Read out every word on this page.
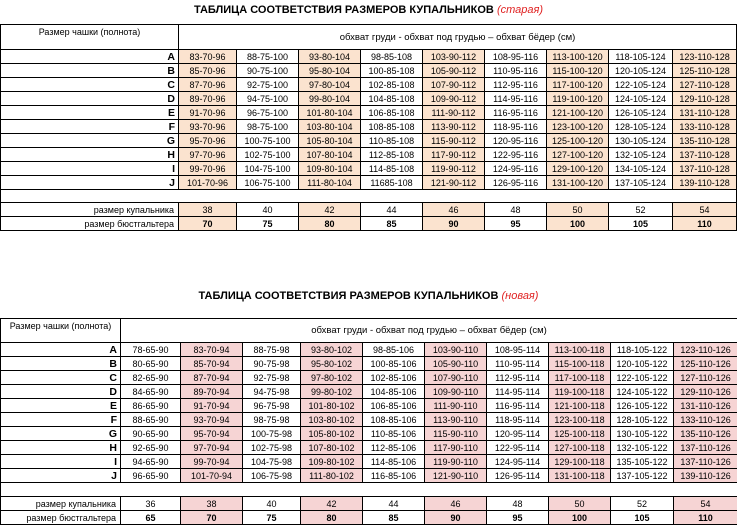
ТАБЛИЦА СООТВЕТСТВИЯ РАЗМЕРОВ КУПАЛЬНИКОВ (старая)
Размер чашки (полнота)	обхват груди - обхват под грудью – обхват бёдер (см)								
A	83-70-96	88-75-100	93-80-104	98-85-108	103-90-112	108-95-116	113-100-120	118-105-124	123-110-128
B	85-70-96	90-75-100	95-80-104	100-85-108	105-90-112	110-95-116	115-100-120	120-105-124	125-110-128
C	87-70-96	92-75-100	97-80-104	102-85-108	107-90-112	112-95-116	117-100-120	122-105-124	127-110-128
D	89-70-96	94-75-100	99-80-104	104-85-108	109-90-112	114-95-116	119-100-120	124-105-124	129-110-128
E	91-70-96	96-75-100	101-80-104	106-85-108	111-90-112	116-95-116	121-100-120	126-105-124	131-110-128
F	93-70-96	98-75-100	103-80-104	108-85-108	113-90-112	118-95-116	123-100-120	128-105-124	133-110-128
G	95-70-96	100-75-100	105-80-104	110-85-108	115-90-112	120-95-116	125-100-120	130-105-124	135-110-128
H	97-70-96	102-75-100	107-80-104	112-85-108	117-90-112	122-95-116	127-100-120	132-105-124	137-110-128
I	99-70-96	104-75-100	109-80-104	114-85-108	119-90-112	124-95-116	129-100-120	134-105-124	137-110-128
J	101-70-96	106-75-100	111-80-104	11685-108	121-90-112	126-95-116	131-100-120	137-105-124	139-110-128

размер купальника	38	40	42	44	46	48	50	52	54
размер бюстгальтера	70	75	80	85	90	95	100	105	110
ТАБЛИЦА СООТВЕТСТВИЯ РАЗМЕРОВ КУПАЛЬНИКОВ (новая)
Размер чашки (полнота)	обхват груди - обхват под грудью – обхват бёдер (см)									
A	78-65-90	83-70-94	88-75-98	93-80-102	98-85-106	103-90-110	108-95-114	113-100-118	118-105-122	123-110-126
B	80-65-90	85-70-94	90-75-98	95-80-102	100-85-106	105-90-110	110-95-114	115-100-118	120-105-122	125-110-126
C	82-65-90	87-70-94	92-75-98	97-80-102	102-85-106	107-90-110	112-95-114	117-100-118	122-105-122	127-110-126
D	84-65-90	89-70-94	94-75-98	99-80-102	104-85-106	109-90-110	114-95-114	119-100-118	124-105-122	129-110-126
E	86-65-90	91-70-94	96-75-98	101-80-102	106-85-106	111-90-110	116-95-114	121-100-118	126-105-122	131-110-126
F	88-65-90	93-70-94	98-75-98	103-80-102	108-85-106	113-90-110	118-95-114	123-100-118	128-105-122	133-110-126
G	90-65-90	95-70-94	100-75-98	105-80-102	110-85-106	115-90-110	120-95-114	125-100-118	130-105-122	135-110-126
H	92-65-90	97-70-94	102-75-98	107-80-102	112-85-106	117-90-110	122-95-114	127-100-118	132-105-122	137-110-126
I	94-65-90	99-70-94	104-75-98	109-80-102	114-85-106	119-90-110	124-95-114	129-100-118	135-105-122	137-110-126
J	96-65-90	101-70-94	106-75-98	111-80-102	116-85-106	121-90-110	126-95-114	131-100-118	137-105-122	139-110-126

размер купальника	36	38	40	42	44	46	48	50	52	54
размер бюстгальтера	65	70	75	80	85	90	95	100	105	110
